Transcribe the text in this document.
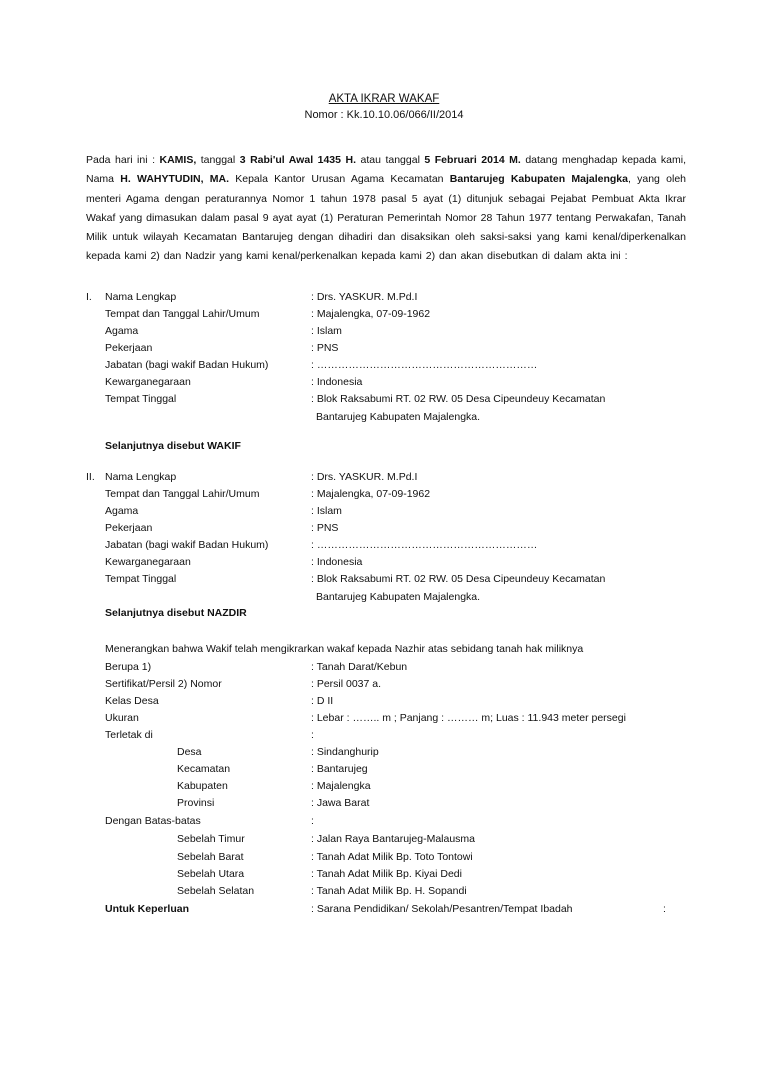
AKTA IKRAR WAKAF
Nomor : Kk.10.10.06/066/II/2014
Pada hari ini : KAMIS, tanggal 3 Rabi'ul Awal 1435 H. atau tanggal 5 Februari 2014 M. datang menghadap kepada kami, Nama H. WAHYTUDIN, MA. Kepala Kantor Urusan Agama Kecamatan Bantarujeg Kabupaten Majalengka, yang oleh menteri Agama dengan peraturannya Nomor 1 tahun 1978 pasal 5 ayat (1) ditunjuk sebagai Pejabat Pembuat Akta Ikrar Wakaf yang dimasukan dalam pasal 9 ayat ayat (1) Peraturan Pemerintah Nomor 28 Tahun 1977 tentang Perwakafan, Tanah Milik untuk wilayah Kecamatan Bantarujeg dengan dihadiri dan disaksikan oleh saksi-saksi yang kami kenal/diperkenalkan kepada kami 2) dan Nadzir yang kami kenal/perkenalkan kepada kami 2) dan akan disebutkan di dalam akta ini :
I. Nama Lengkap	: Drs. YASKUR. M.Pd.I
Tempat dan Tanggal Lahir/Umum	: Majalengka, 07-09-1962
Agama	: Islam
Pekerjaan	: PNS
Jabatan (bagi wakif Badan Hukum)	: ………………………………………………………
Kewarganegaraan	: Indonesia
Tempat Tinggal	: Blok Raksabumi RT. 02 RW. 05 Desa Cipeundeuy Kecamatan
Bantarujeg Kabupaten Majalengka.
Selanjutnya disebut WAKIF
II. Nama Lengkap	: Drs. YASKUR. M.Pd.I
Tempat dan Tanggal Lahir/Umum	: Majalengka, 07-09-1962
Agama	: Islam
Pekerjaan	: PNS
Jabatan (bagi wakif Badan Hukum)	: ………………………………………………………
Kewarganegaraan	: Indonesia
Tempat Tinggal	: Blok Raksabumi RT. 02 RW. 05 Desa Cipeundeuy Kecamatan
Bantarujeg Kabupaten Majalengka.
Selanjutnya disebut NAZDIR
Menerangkan bahwa Wakif telah mengikrarkan wakaf kepada Nazhir atas sebidang tanah hak miliknya
Berupa 1)	: Tanah Darat/Kebun
Sertifikat/Persil 2) Nomor	: Persil 0037 a.
Kelas Desa	: D II
Ukuran	: Lebar : …….. m ; Panjang : ……… m; Luas : 11.943 meter persegi
Terletak di	:
Desa	: Sindanghurip
Kecamatan	: Bantarujeg
Kabupaten	: Majalengka
Provinsi	: Jawa Barat
Dengan Batas-batas	:
Sebelah Timur	: Jalan Raya Bantarujeg-Malausma
Sebelah Barat	: Tanah Adat Milik Bp. Toto Tontowi
Sebelah Utara	: Tanah Adat Milik Bp. Kiyai Dedi
Sebelah Selatan	: Tanah Adat Milik Bp. H. Sopandi
Untuk Keperluan	: Sarana Pendidikan/ Sekolah/Pesantren/Tempat Ibadah	:
